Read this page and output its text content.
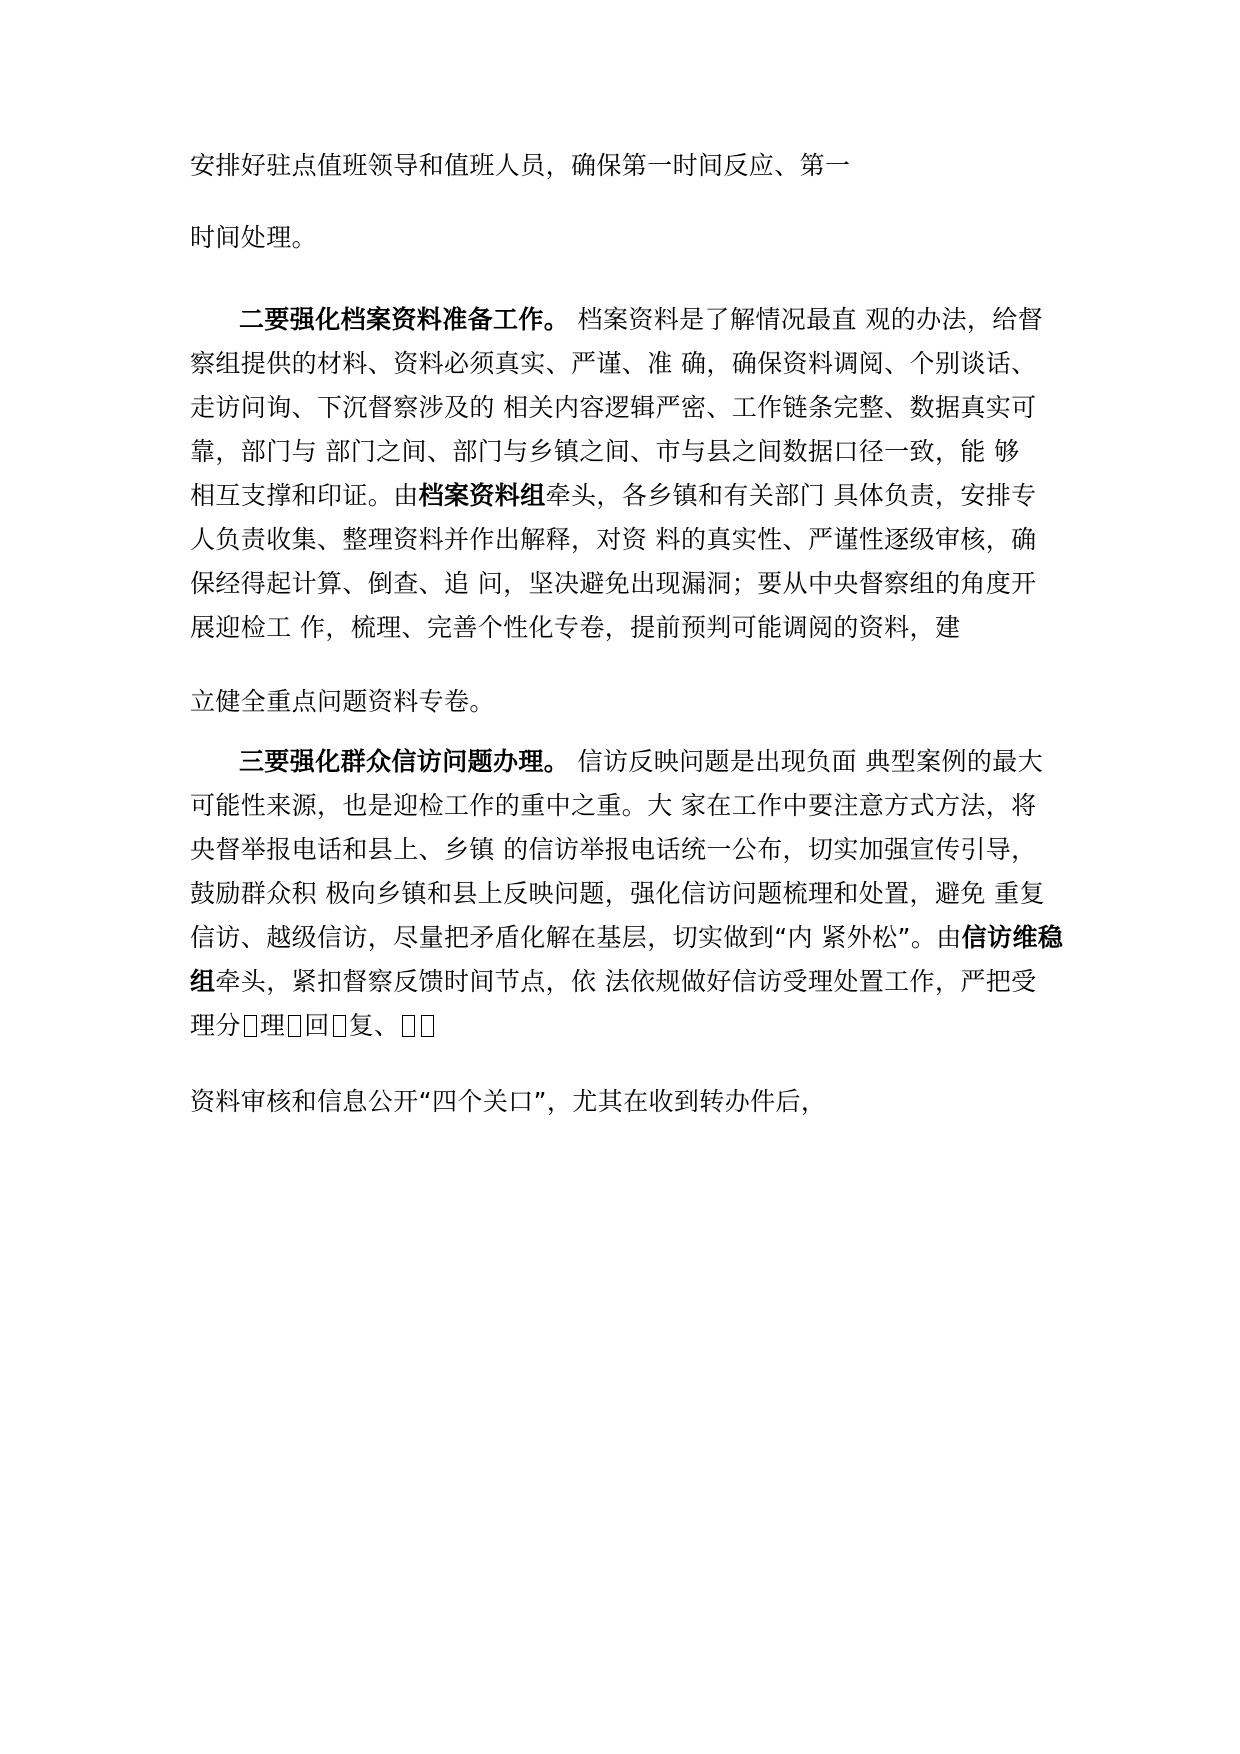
安排好驻点值班领导和值班人员，确保第一时间反应、第一
时间处理。
二要强化档案资料准备工作。 档案资料是了解情况最直 观的办法，给督
察组提供的材料、资料必须真实、严谨、准 确，确保资料调阅、个别谈话、
走访问询、下沉督察涉及的 相关内容逻辑严密、工作链条完整、数据真实可
靠，部门与 部门之间、部门与乡镇之间、市与县之间数据口径一致，能 够
相互支撑和印证。由档案资料组牵头，各乡镇和有关部门 具体负责，安排专
人负责收集、整理资料并作出解释，对资 料的真实性、严谨性逐级审核，确
保经得起计算、倒查、追 问，坚决避免出现漏洞；要从中央督察组的角度开
展迎检工 作，梳理、完善个性化专卷，提前预判可能调阅的资料，建
立健全重点问题资料专卷。
三要强化群众信访问题办理。 信访反映问题是出现负面 典型案例的最大
可能性来源，也是迎检工作的重中之重。大 家在工作中要注意方式方法，将
央督举报电话和县上、乡镇 的信访举报电话统一公布，切实加强宣传引导，
鼓励群众积 极向乡镇和县上反映问题，强化信访问题梳理和处置，避免 重复
信访、越级信访，尽量把矛盾化解在基层，切实做到“内 紧外松”。由信访维稳
组牵头，紧扣督察反馈时间节点，依 法依规做好信访受理处置工作，严把受
理分 理 回 复、
资料审核和信息公开“四个关口”，尤其在收到转办件后，
